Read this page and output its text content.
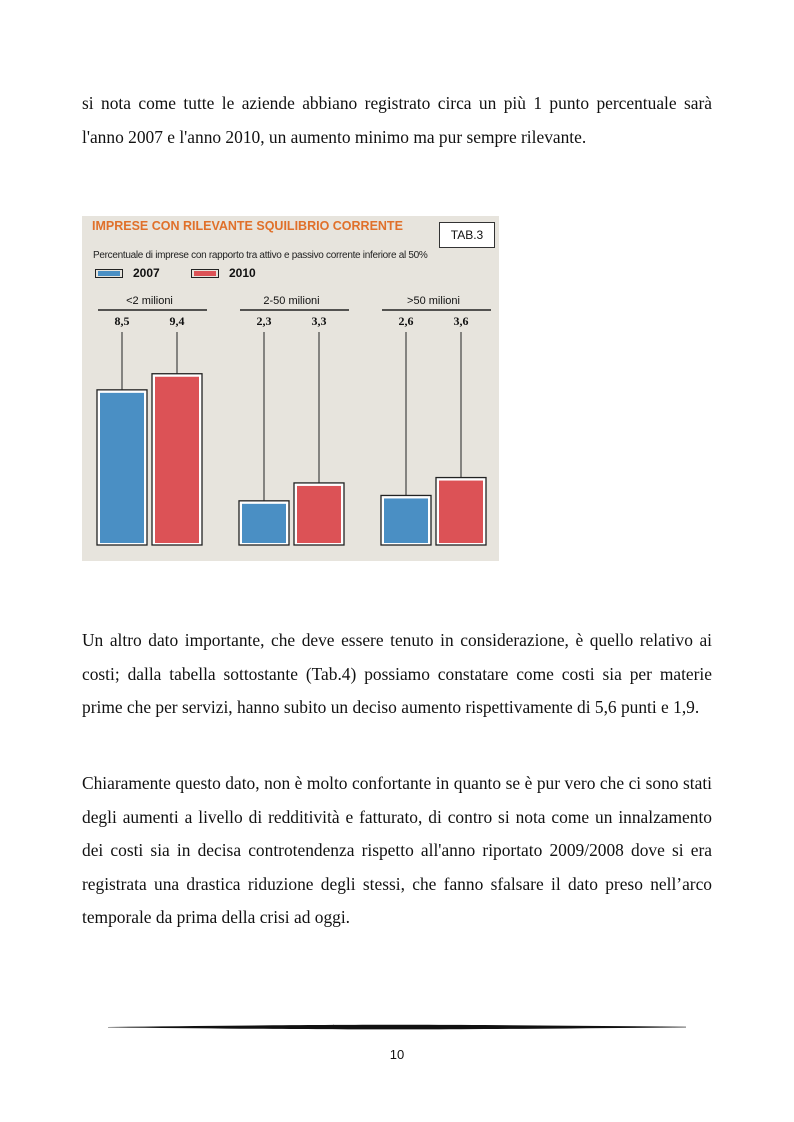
si nota come tutte le aziende abbiano registrato circa un più 1 punto percentuale sarà l'anno 2007 e l'anno 2010, un aumento minimo ma pur sempre rilevante.

IMPRESE CON RILEVANTE SQUILIBRIO CORRENTE
TAB.3
Percentuale di imprese con rapporto tra attivo e passivo corrente inferiore al 50%
2007	2010
<2 milioni
8,5	9,4
2-50 milioni
2,3	3,3
>50 milioni
2,6	3,6

Un altro dato importante, che deve essere tenuto in considerazione, è quello relativo ai costi; dalla tabella sottostante (Tab.4) possiamo constatare come costi sia per materie prime che per servizi, hanno subito un deciso aumento rispettivamente di 5,6 punti e 1,9.

Chiaramente questo dato, non è molto confortante in quanto se è pur vero che ci sono stati degli aumenti a livello di redditività e fatturato, di contro si nota come un innalzamento dei costi sia in decisa controtendenza rispetto all'anno riportato 2009/2008 dove si era registrata una drastica riduzione degli stessi, che fanno sfalsare il dato preso nell’arco temporale da prima della crisi ad oggi.

10
